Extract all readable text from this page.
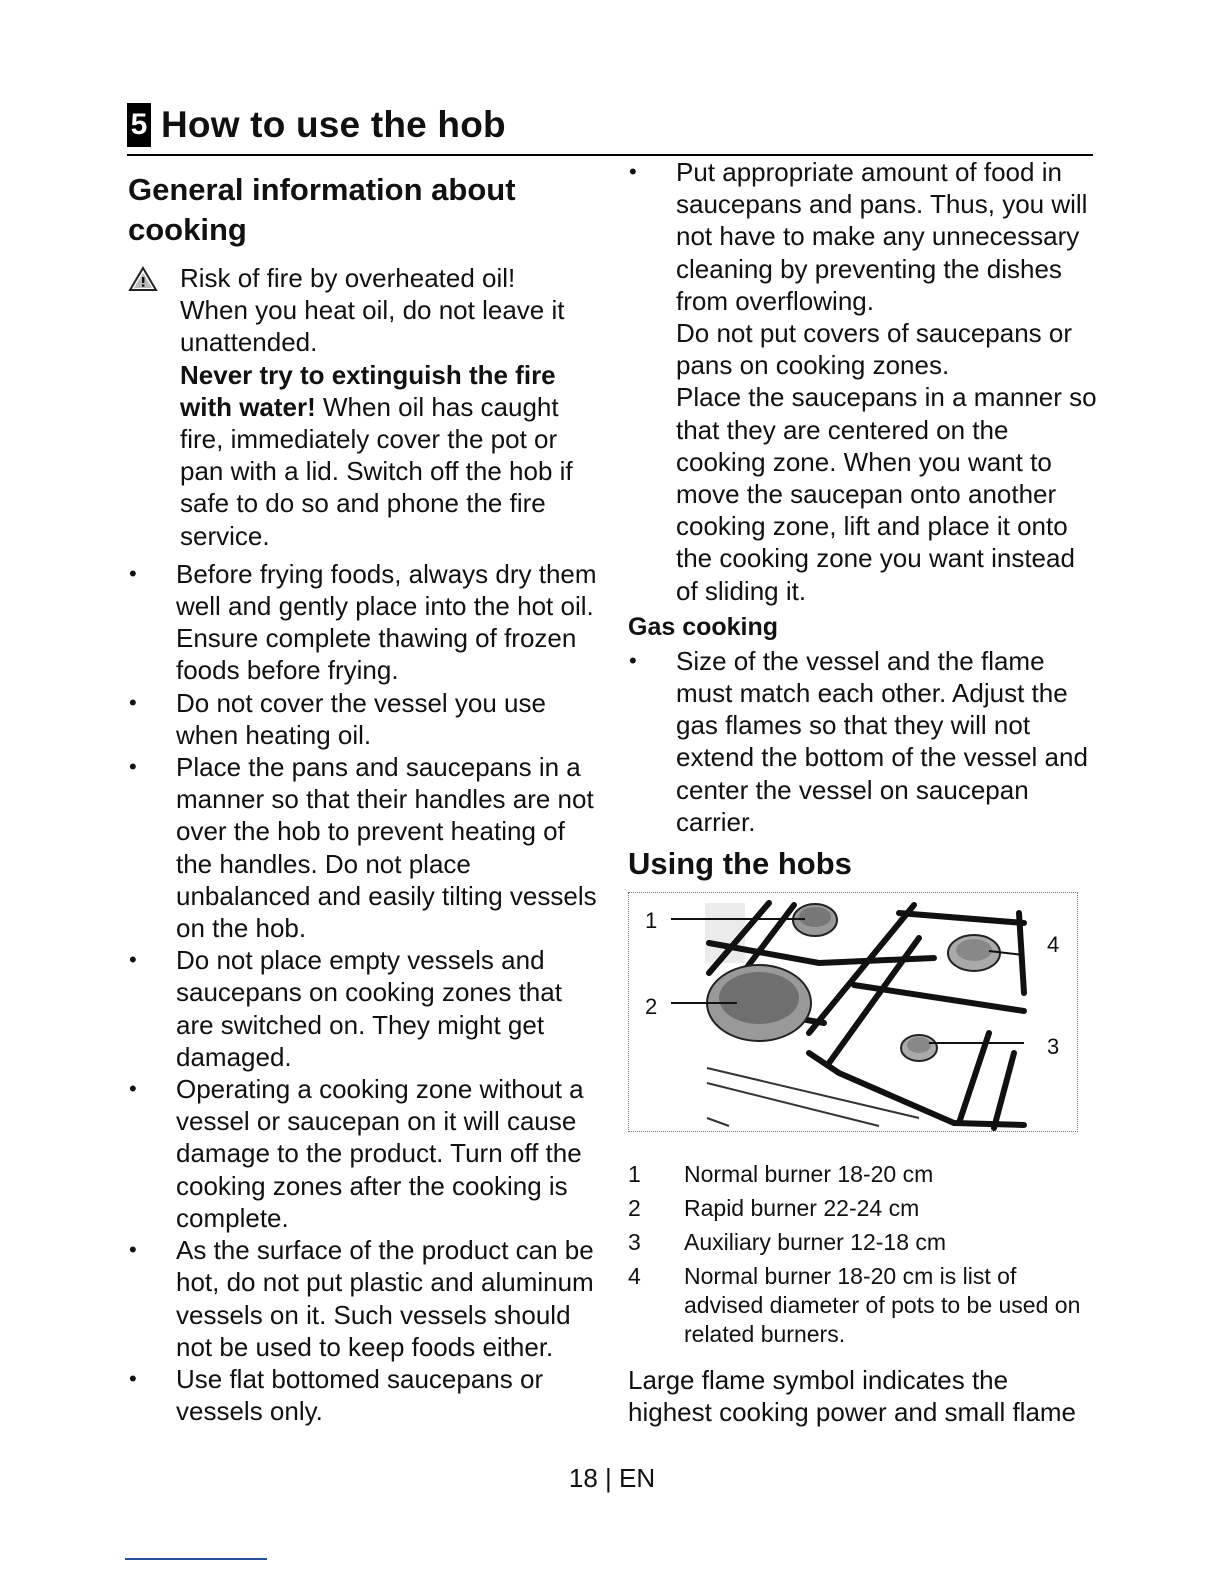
5 How to use the hob
General information about cooking

Risk of fire by overheated oil!

When you heat oil, do not leave it unattended.

Never try to extinguish the fire with water! When oil has caught fire, immediately cover the pot or pan with a lid. Switch off the hob if safe to do so and phone the fire service.

•	Before frying foods, always dry them well and gently place into the hot oil. Ensure complete thawing of frozen foods before frying.

•	Do not cover the vessel you use when heating oil.

•	Place the pans and saucepans in a manner so that their handles are not over the hob to prevent heating of the handles. Do not place unbalanced and easily tilting vessels on the hob.

•	Do not place empty vessels and saucepans on cooking zones that are switched on. They might get damaged.

•	Operating a cooking zone without a vessel or saucepan on it will cause damage to the product. Turn off the cooking zones after the cooking is complete.

•	As the surface of the product can be hot, do not put plastic and aluminum vessels on it. Such vessels should not be used to keep foods either.

•	Use flat bottomed saucepans or vessels only.

•	Put appropriate amount of food in saucepans and pans. Thus, you will not have to make any unnecessary cleaning by preventing the dishes from overflowing.

Do not put covers of saucepans or pans on cooking zones.

Place the saucepans in a manner so that they are centered on the cooking zone. When you want to move the saucepan onto another cooking zone, lift and place it onto the cooking zone you want instead of sliding it.

Gas cooking
•	Size of the vessel and the flame must match each other. Adjust the gas flames so that they will not extend the bottom of the vessel and center the vessel on saucepan carrier.

Using the hobs
1
2
3
4
1	Normal burner 18-20 cm
2	Rapid burner 22-24 cm
3	Auxiliary burner 12-18 cm
4	Normal burner 18-20 cm is list of advised diameter of pots to be used on related burners.

Large flame symbol indicates the highest cooking power and small flame

18 | EN
